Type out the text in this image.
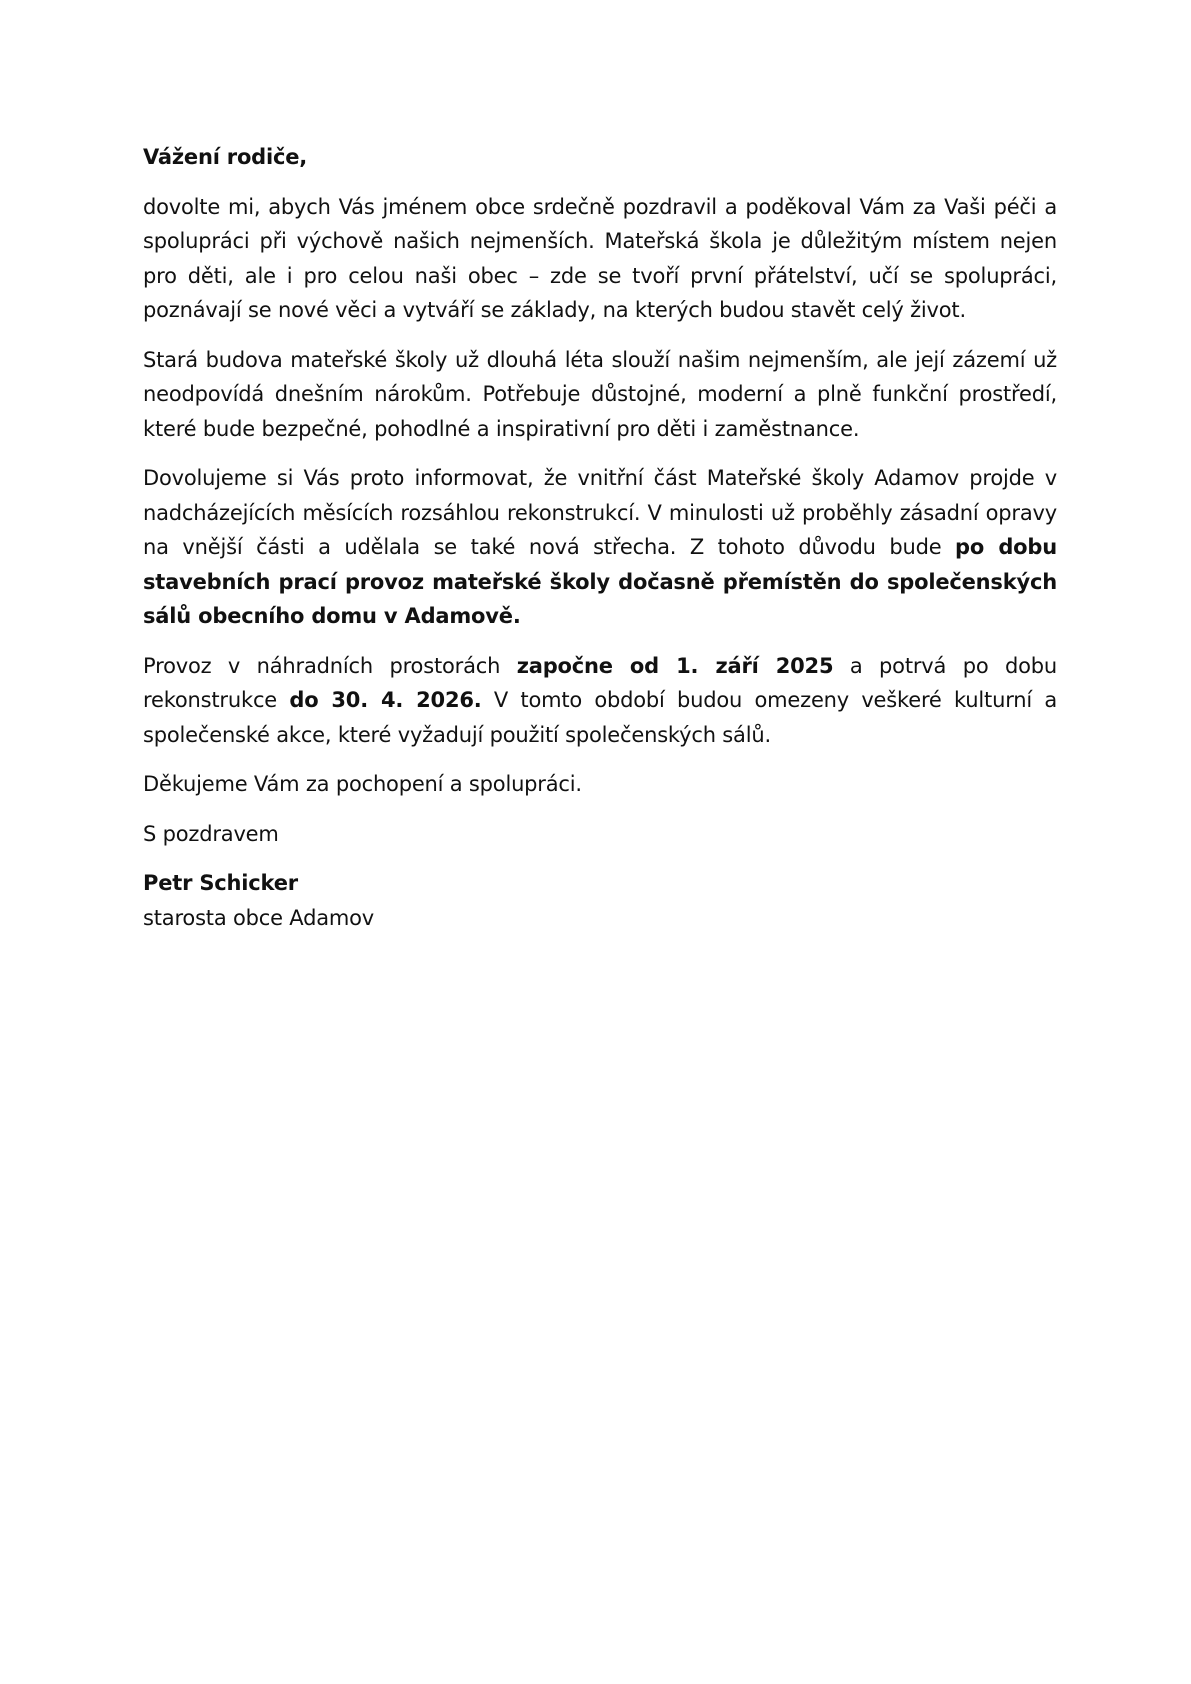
Vážení rodiče,

dovolte mi, abych Vás jménem obce srdečně pozdravil a poděkoval Vám za Vaši péči a spolupráci při výchově našich nejmenších. Mateřská škola je důležitým místem nejen pro děti, ale i pro celou naši obec – zde se tvoří první přátelství, učí se spolupráci, poznávají se nové věci a vytváří se základy, na kterých budou stavět celý život.

Stará budova mateřské školy už dlouhá léta slouží našim nejmenším, ale její zázemí už neodpovídá dnešním nárokům. Potřebuje důstojné, moderní a plně funkční prostředí, které bude bezpečné, pohodlné a inspirativní pro děti i zaměstnance.

Dovolujeme si Vás proto informovat, že vnitřní část Mateřské školy Adamov projde v nadcházejících měsících rozsáhlou rekonstrukcí. V minulosti už proběhly zásadní opravy na vnější části a udělala se také nová střecha. Z tohoto důvodu bude po dobu stavebních prací provoz mateřské školy dočasně přemístěn do společenských sálů obecního domu v Adamově.

Provoz v náhradních prostorách započne od 1. září 2025 a potrvá po dobu rekonstrukce do 30. 4. 2026. V tomto období budou omezeny veškeré kulturní a společenské akce, které vyžadují použití společenských sálů.

Děkujeme Vám za pochopení a spolupráci.

S pozdravem

Petr Schicker

starosta obce Adamov
